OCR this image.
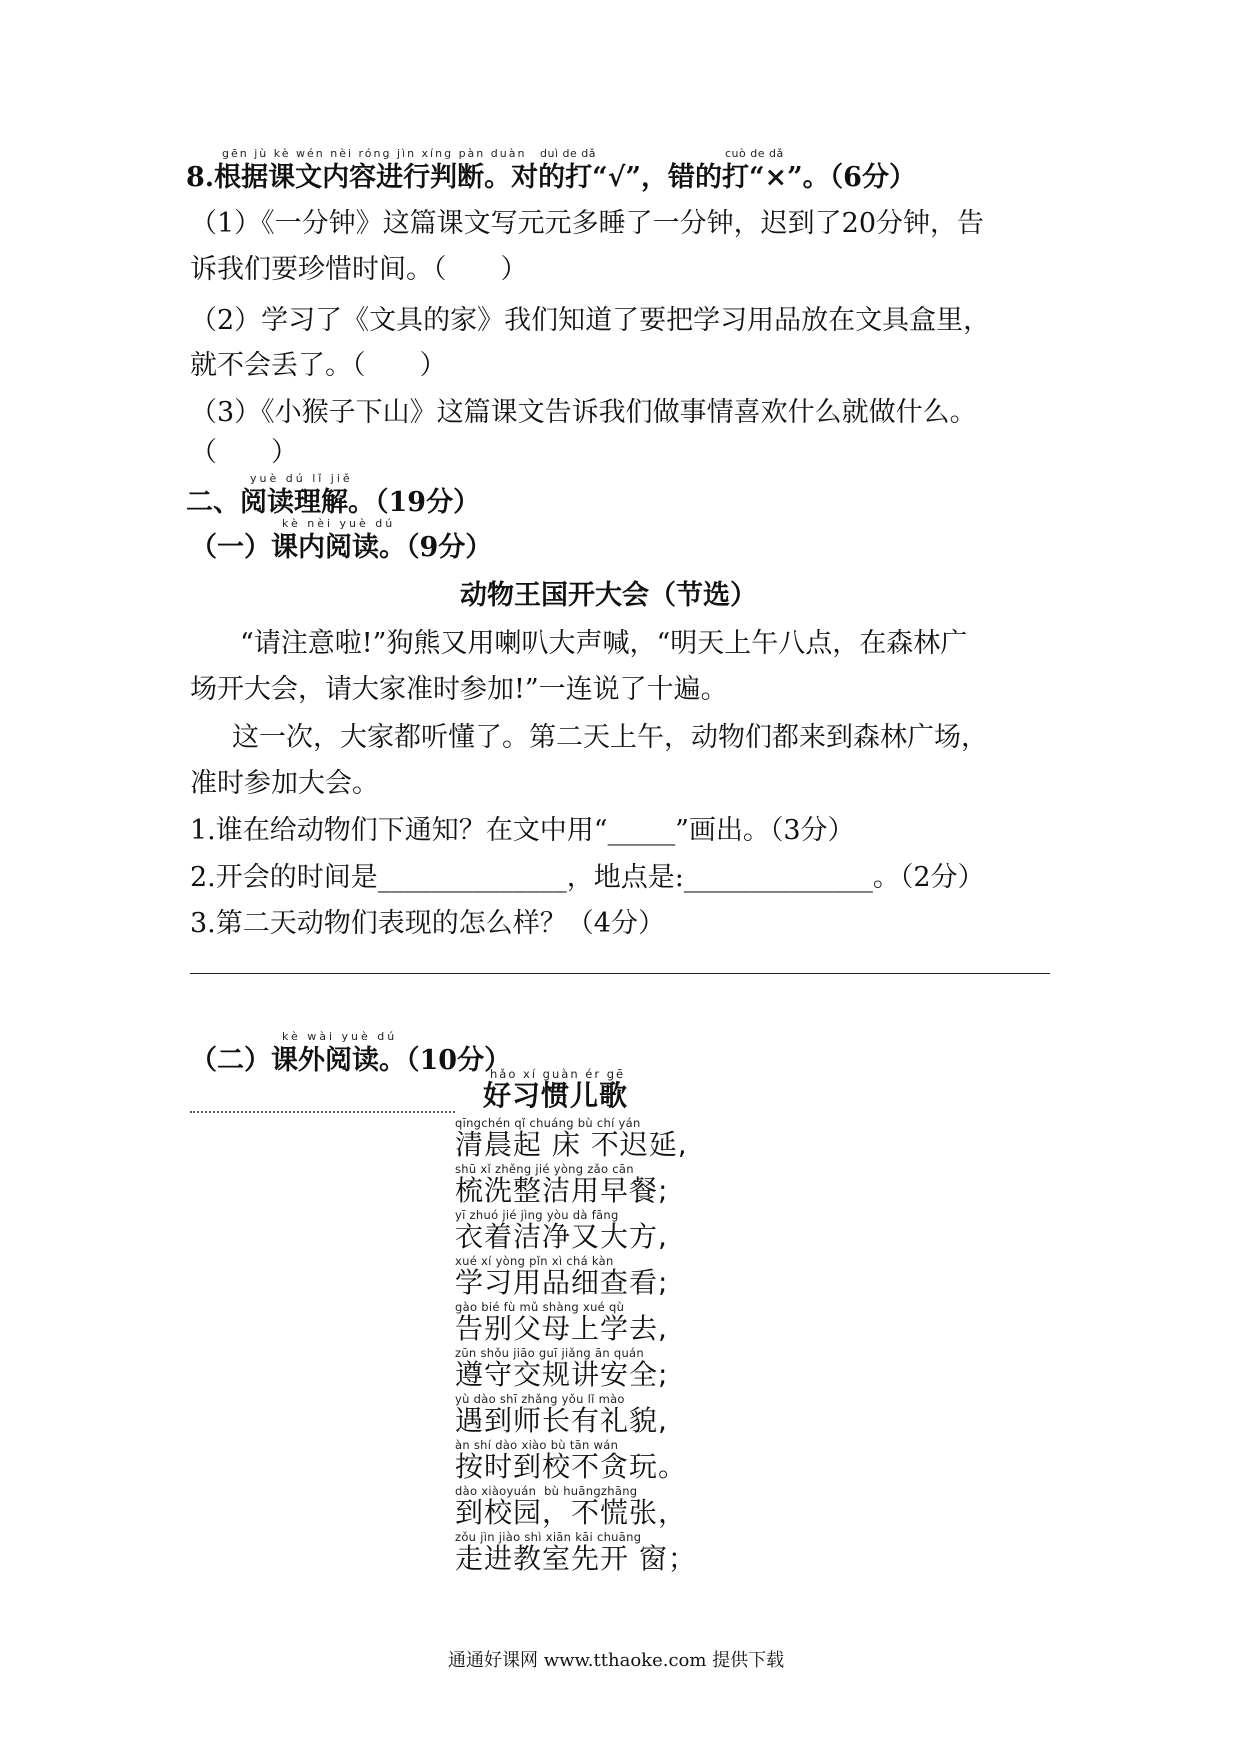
gēn jù kè wén nèi róng jìn xíng pàn duàn duì de dǎ	cuò de dǎ
8.根据课文内容进行判断。对的打“√”，错的打“×”。（6分）
（1）《一分钟》这篇课文写元元多睡了一分钟，迟到了20分钟，告
诉我们要珍惜时间。（　　）
（2）学习了《文具的家》我们知道了要把学习用品放在文具盒里，
就不会丢了。（　　）
（3）《小猴子下山》这篇课文告诉我们做事情喜欢什么就做什么。
（　　）
yuè dú lǐ jiě
二、阅读理解。（19分）
kè nèi yuè dú
（一）课内阅读。（9分）
动物王国开大会（节选）
“请注意啦!”狗熊又用喇叭大声喊，“明天上午八点，在森林广
场开大会，请大家准时参加!”一连说了十遍。
这一次，大家都听懂了。第二天上午，动物们都来到森林广场，
准时参加大会。
1.谁在给动物们下通知？在文中用“_____”画出。（3分）
2.开会的时间是______________，地点是:______________。（2分）
3.第二天动物们表现的怎么样？（4分）
kè wài yuè dú
（二）课外阅读。（10分）
hǎo xí guàn ér gē
好习惯儿歌
qīngchén qǐ chuáng bù chí yán
清晨起 床 不迟延,
shū xǐ zhěng jié yòng zǎo cān
梳洗整洁用早餐;
yī zhuó jié jìng yòu dà fāng
衣着洁净又大方,
xué xí yòng pǐn xì chá kàn
学习用品细查看;
gào bié fù mǔ shàng xué qù
告别父母上学去,
zūn shǒu jiāo guī jiǎng ān quán
遵守交规讲安全;
yù dào shī zhǎng yǒu lǐ mào
遇到师长有礼貌,
àn shí dào xiào bù tān wán
按时到校不贪玩。
dào xiàoyuán  bù huāngzhāng
到校园，不慌张，
zǒu jìn jiào shì xiān kāi chuāng
走进教室先开 窗；
通通好课网 www.tthaoke.com 提供下载
